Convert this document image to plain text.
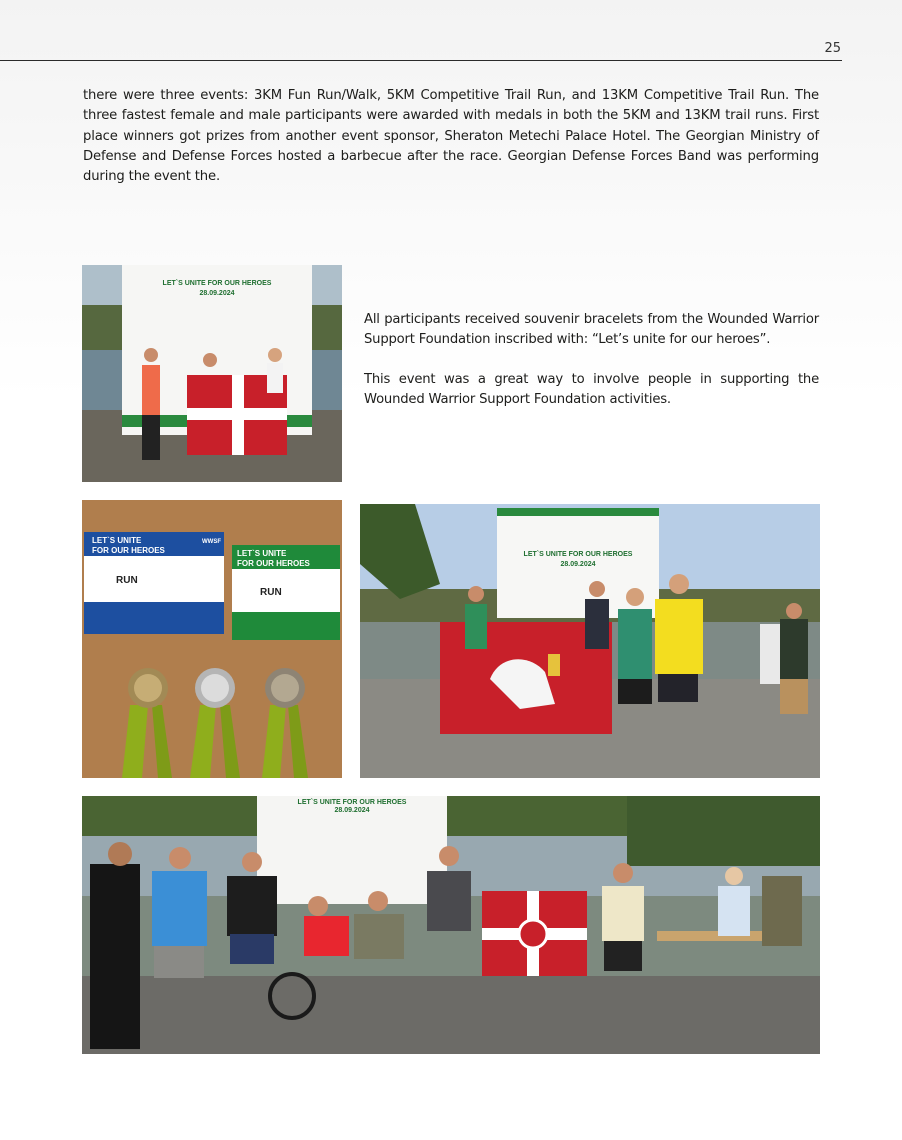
25

there were three events: 3KM Fun Run/Walk, 5KM Competitive Trail Run, and 13KM Competitive Trail Run. The three fastest female and male participants were awarded with medals in both the 5KM and 13KM trail runs. First place winners got prizes from another event sponsor, Sheraton Metechi Palace Hotel. The Georgian Ministry of Defense and Defense Forces hosted a barbecue after the race. Georgian Defense Forces Band was performing during the event the.

LET`S UNITE FOR OUR HEROES
28.09.2024

All participants received souvenir bracelets from the Wounded Warrior Support Foundation inscribed with: “Let’s unite for our heroes”.

This event was a great way to involve people in supporting the Wounded Warrior Support Foundation activities.

LET`S UNITE
FOR OUR HEROES
WWSF
RUN
LET`S UNITE
FOR OUR HEROES
RUN
LET`S UNITE FOR OUR HEROES
28.09.2024
LET`S UNITE FOR OUR HEROES
28.09.2024
